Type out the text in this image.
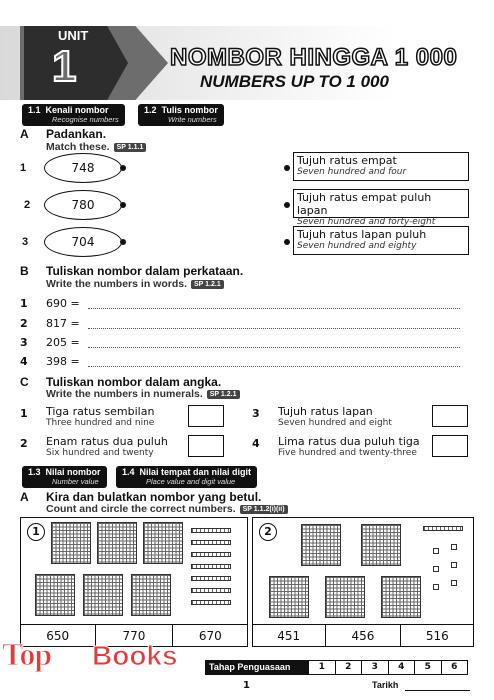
UNIT
1	NOMBOR HINGGA 1 000
NUMBERS UP TO 1 000
1.1 Kenali nombor
Recognise numbers
1.2 Tulis nombor
Write numbers
A Padankan.
Match these. SP 1.1.1
1	748
2	780
3	704
Tujuh ratus empat
Seven hundred and four
Tujuh ratus empat puluh lapan
Seven hundred and forty-eight
Tujuh ratus lapan puluh
Seven hundred and eighty
B Tuliskan nombor dalam perkataan.
Write the numbers in words. SP 1.2.1
1 690 =
2 817 =
3 205 =
4 398 =
C Tuliskan nombor dalam angka.
Write the numbers in numerals. SP 1.2.1
1 Tiga ratus sembilan
Three hundred and nine
3 Tujuh ratus lapan
Seven hundred and eight
2 Enam ratus dua puluh
Six hundred and twenty
4 Lima ratus dua puluh tiga
Five hundred and twenty-three
1.3 Nilai nombor
Number value
1.4 Nilai tempat dan nilai digit
Place value and digit value
A Kira dan bulatkan nombor yang betul.
Count and circle the correct numbers. SP 1.1.2(i)(ii)
1
650	770	670
2
451	456	516
Top Books	Tahap Penguasaan	1	2	3	4	5	6
1	Tarikh
